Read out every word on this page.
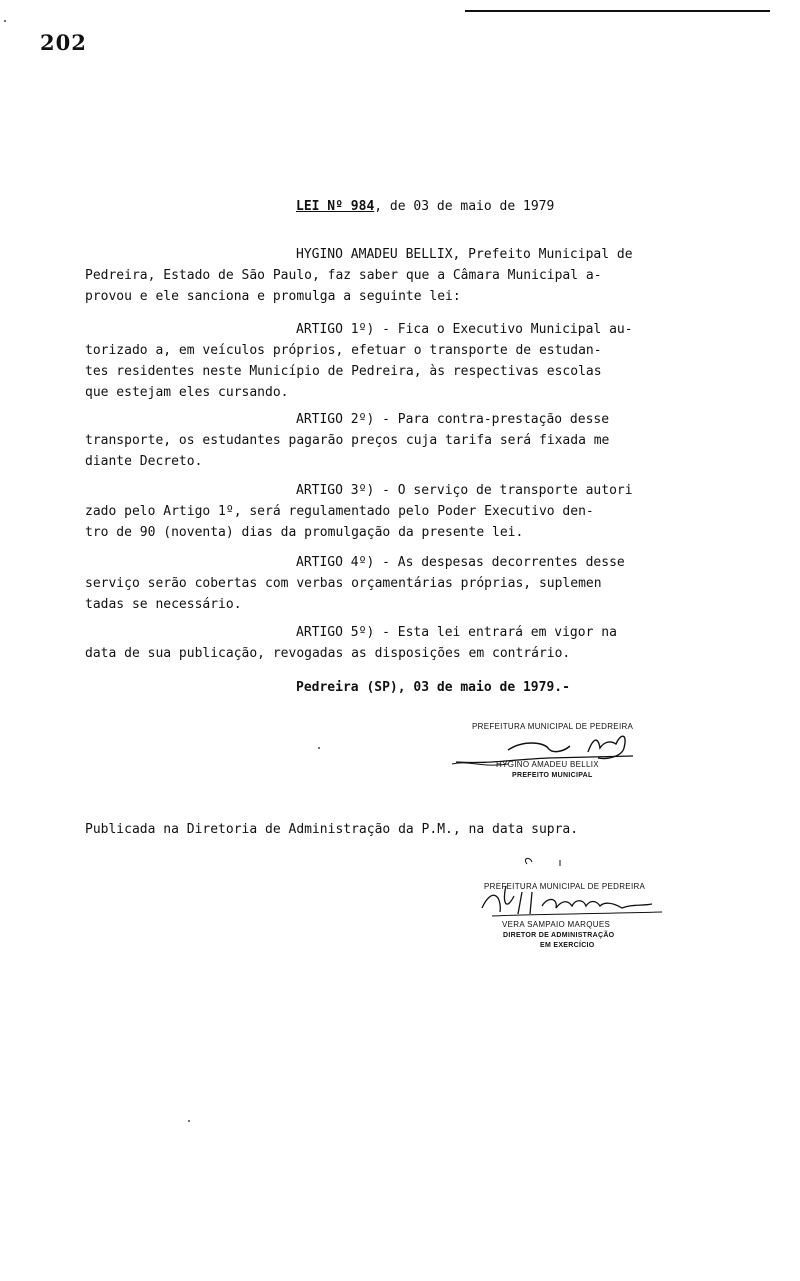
202
LEI Nº 984, de 03 de maio de 1979
HYGINO AMADEU BELLIX, Prefeito Municipal de
Pedreira, Estado de São Paulo, faz saber que a Câmara Municipal a-
provou e ele sanciona e promulga a seguinte lei:
ARTIGO 1º) - Fica o Executivo Municipal au-
torizado a, em veículos próprios, efetuar o transporte de estudan-
tes residentes neste Município de Pedreira, às respectivas escolas
que estejam eles cursando.
ARTIGO 2º) - Para contra-prestação desse
transporte, os estudantes pagarão preços cuja tarifa será fixada me
diante Decreto.
ARTIGO 3º) - O serviço de transporte autori
zado pelo Artigo 1º, será regulamentado pelo Poder Executivo den-
tro de 90 (noventa) dias da promulgação da presente lei.
ARTIGO 4º) - As despesas decorrentes desse
serviço serão cobertas com verbas orçamentárias próprias, suplemen
tadas se necessário.
ARTIGO 5º) - Esta lei entrará em vigor na
data de sua publicação, revogadas as disposições em contrário.
Pedreira (SP), 03 de maio de 1979.-
PREFEITURA MUNICIPAL DE PEDREIRA
HYGINO AMADEU BELLIX
PREFEITO MUNICIPAL
Publicada na Diretoria de Administração da P.M., na data supra.
PREFEITURA MUNICIPAL DE PEDREIRA
VERA SAMPAIO MARQUES
DIRETOR DE ADMINISTRAÇÃO
EM EXERCÍCIO
